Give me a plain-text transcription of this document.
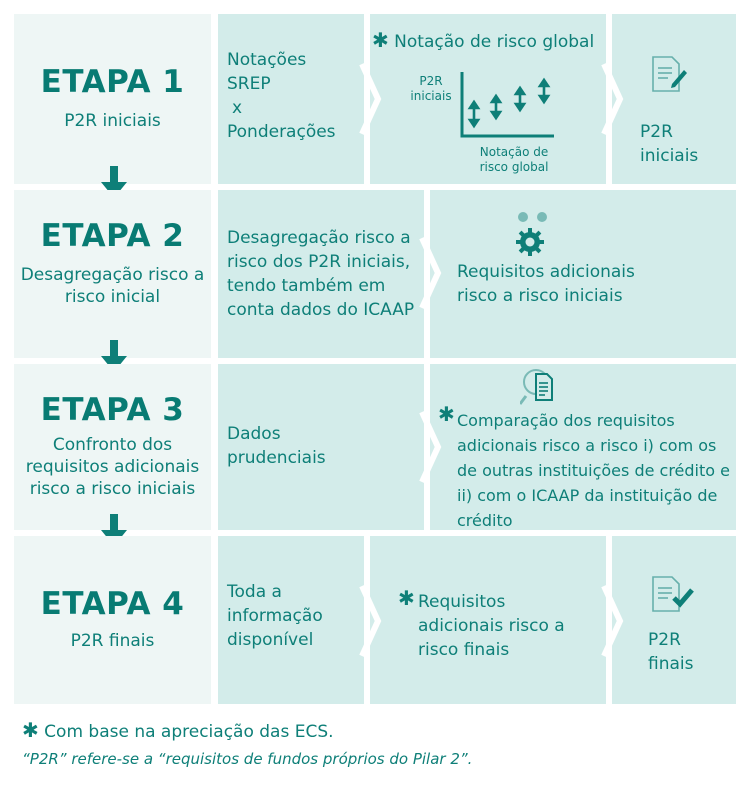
ETAPA 1
P2R iniciais
Notações
SREP
x
Ponderações
✱ Notação de risco global
P2R iniciais
Notação de risco global
P2R iniciais
ETAPA 2
Desagregação risco a risco inicial
Desagregação risco a risco dos P2R iniciais, tendo também em conta dados do ICAAP
Requisitos adicionais risco a risco iniciais
ETAPA 3
Confronto dos requisitos adicionais risco a risco iniciais
Dados prudenciais
✱ Comparação dos requisitos adicionais risco a risco i) com os de outras instituições de crédito e ii) com o ICAAP da instituição de crédito
ETAPA 4
P2R finais
Toda a informação disponível
✱ Requisitos adicionais risco a risco finais	P2R finais
✱ Com base na apreciação das ECS.
“P2R” refere-se a “requisitos de fundos próprios do Pilar 2”.
